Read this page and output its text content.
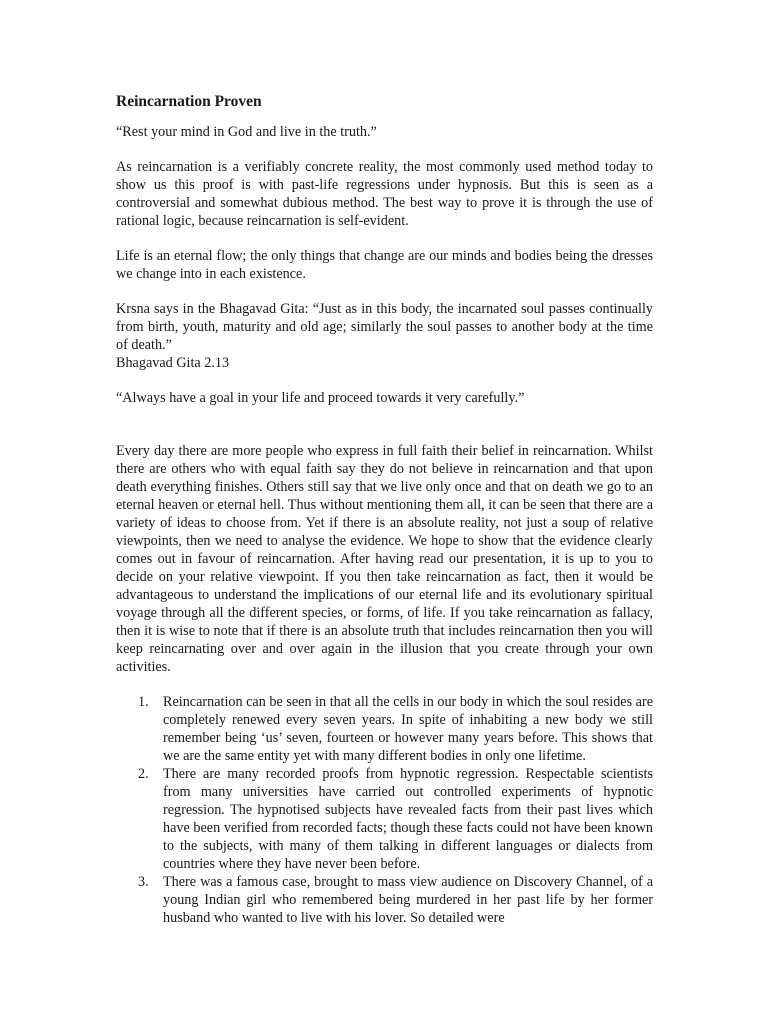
Reincarnation Proven

“Rest your mind in God and live in the truth.”

As reincarnation is a verifiably concrete reality, the most commonly used method today to show us this proof is with past-life regressions under hypnosis. But this is seen as a controversial and somewhat dubious method. The best way to prove it is through the use of rational logic, because reincarnation is self-evident.

Life is an eternal flow; the only things that change are our minds and bodies being the dresses we change into in each existence.

Krsna says in the Bhagavad Gita: “Just as in this body, the incarnated soul passes continually from birth, youth, maturity and old age; similarly the soul passes to another body at the time of death.”

Bhagavad Gita 2.13

“Always have a goal in your life and proceed towards it very carefully.”

Every day there are more people who express in full faith their belief in reincarnation. Whilst there are others who with equal faith say they do not believe in reincarnation and that upon death everything finishes. Others still say that we live only once and that on death we go to an eternal heaven or eternal hell. Thus without mentioning them all, it can be seen that there are a variety of ideas to choose from. Yet if there is an absolute reality, not just a soup of relative viewpoints, then we need to analyse the evidence. We hope to show that the evidence clearly comes out in favour of reincarnation. After having read our presentation, it is up to you to decide on your relative viewpoint. If you then take reincarnation as fact, then it would be advantageous to understand the implications of our eternal life and its evolutionary spiritual voyage through all the different species, or forms, of life. If you take reincarnation as fallacy, then it is wise to note that if there is an absolute truth that includes reincarnation then you will keep reincarnating over and over again in the illusion that you create through your own activities.

1. Reincarnation can be seen in that all the cells in our body in which the soul resides are completely renewed every seven years. In spite of inhabiting a new body we still remember being ‘us’ seven, fourteen or however many years before. This shows that we are the same entity yet with many different bodies in only one lifetime.
2. There are many recorded proofs from hypnotic regression. Respectable scientists from many universities have carried out controlled experiments of hypnotic regression. The hypnotised subjects have revealed facts from their past lives which have been verified from recorded facts; though these facts could not have been known to the subjects, with many of them talking in different languages or dialects from countries where they have never been before.
3. There was a famous case, brought to mass view audience on Discovery Channel, of a young Indian girl who remembered being murdered in her past life by her former husband who wanted to live with his lover. So detailed were
